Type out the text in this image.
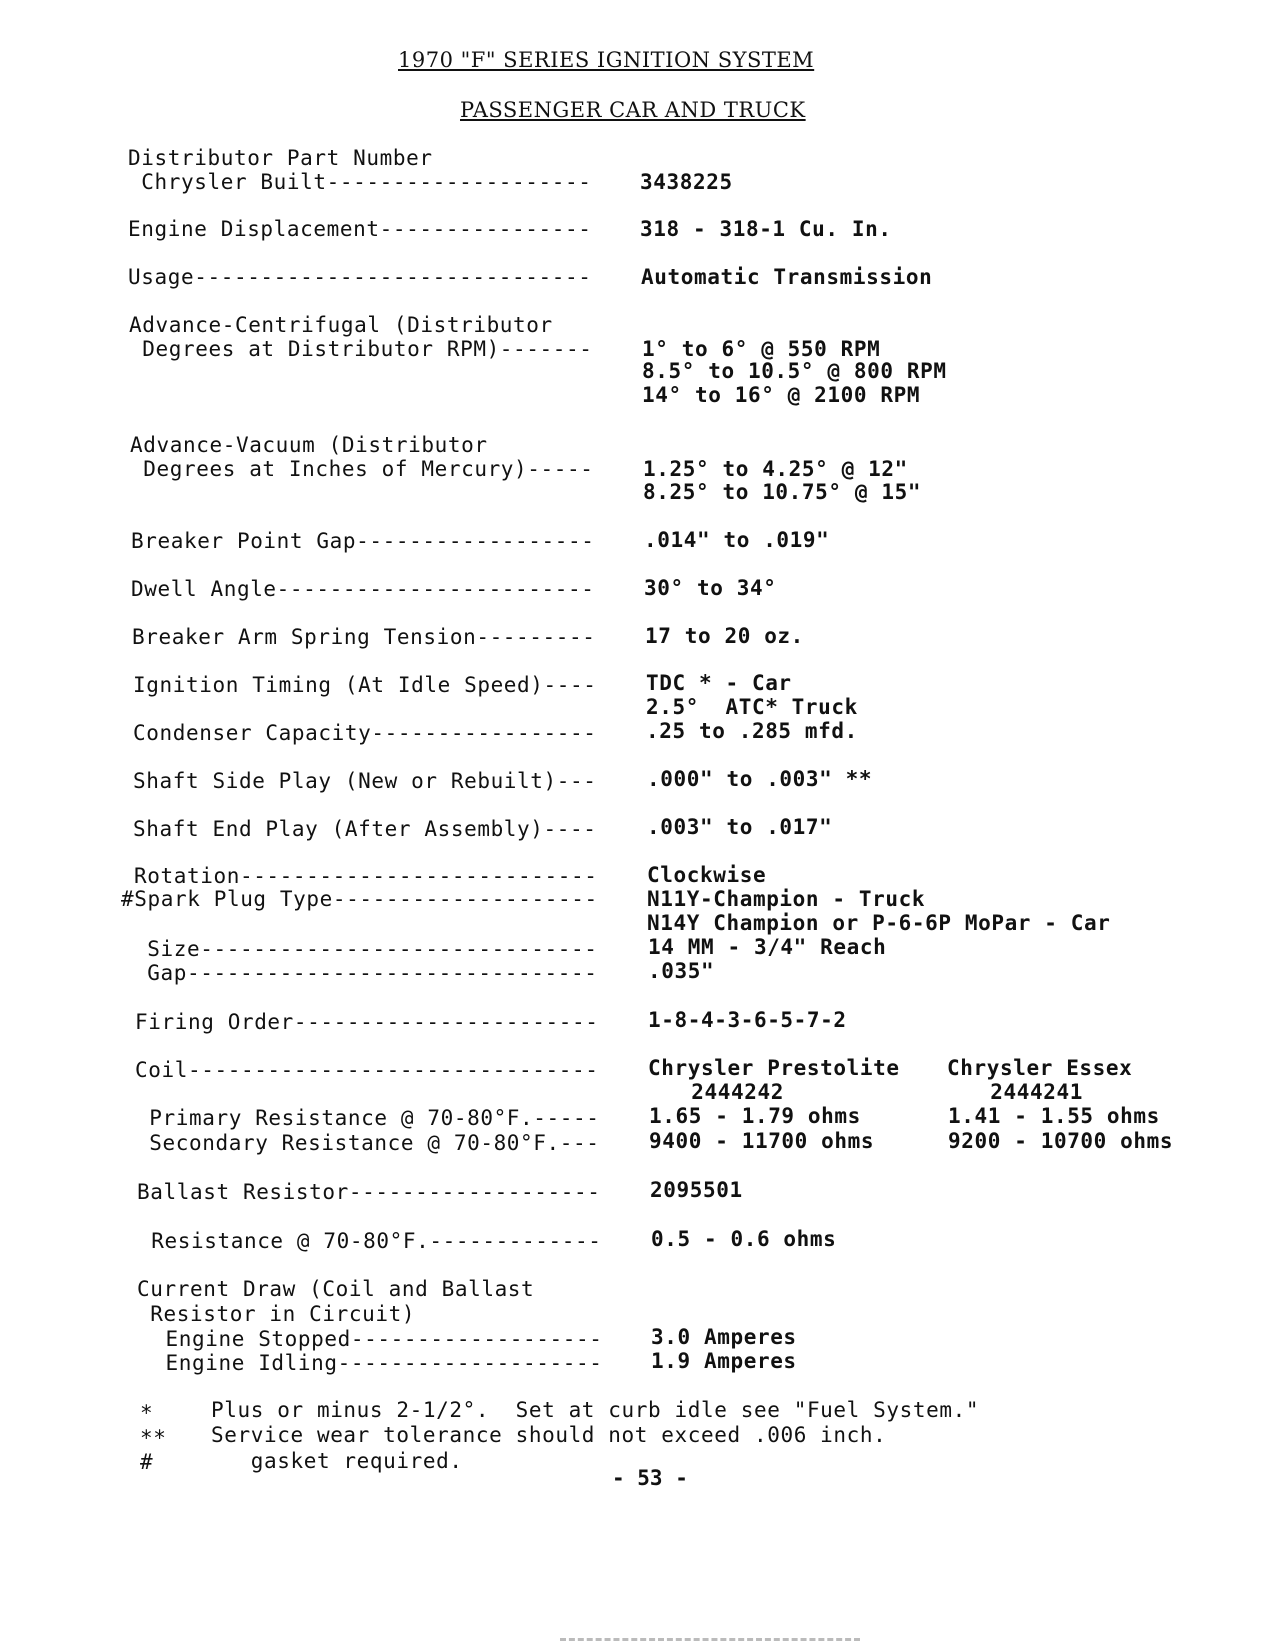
1970 "F" SERIES IGNITION SYSTEM
PASSENGER CAR AND TRUCK
Distributor Part Number
Chrysler Built-------------------- 3438225
Engine Displacement---------------- 318 - 318-1 Cu. In.
Usage------------------------------ Automatic Transmission
Advance-Centrifugal (Distributor
Degrees at Distributor RPM)------- 1° to 6° @ 550 RPM
8.5° to 10.5° @ 800 RPM
14° to 16° @ 2100 RPM
Advance-Vacuum (Distributor
Degrees at Inches of Mercury)----- 1.25° to 4.25° @ 12"
8.25° to 10.75° @ 15"
Breaker Point Gap------------------ .014" to .019"
Dwell Angle------------------------ 30° to 34°
Breaker Arm Spring Tension--------- 17 to 20 oz.
Ignition Timing (At Idle Speed)---- TDC * - Car
2.5°  ATC* Truck
Condenser Capacity----------------- .25 to .285 mfd.
Shaft Side Play (New or Rebuilt)--- .000" to .003" **
Shaft End Play (After Assembly)---- .003" to .017"
Rotation--------------------------- Clockwise
#Spark Plug Type-------------------- N11Y-Champion - Truck
N14Y Champion or P-6-6P MoPar - Car
Size------------------------------ 14 MM - 3/4" Reach
Gap------------------------------- .035"
Firing Order----------------------- 1-8-4-3-6-5-7-2
Coil------------------------------- Chrysler Prestolite Chrysler Essex
2444242	2444241
Primary Resistance @ 70-80°F.----- 1.65 - 1.79 ohms	1.41 - 1.55 ohms
Secondary Resistance @ 70-80°F.--- 9400 - 11700 ohms	9200 - 10700 ohms
Ballast Resistor------------------- 2095501
Resistance @ 70-80°F.------------- 0.5 - 0.6 ohms
Current Draw (Coil and Ballast
Resistor in Circuit)
Engine Stopped------------------- 3.0 Amperes
Engine Idling-------------------- 1.9 Amperes
*	Plus or minus 2-1/2°.  Set at curb idle see "Fuel System."
** Service wear tolerance should not exceed .006 inch.
#	gasket required.
- 53 -
